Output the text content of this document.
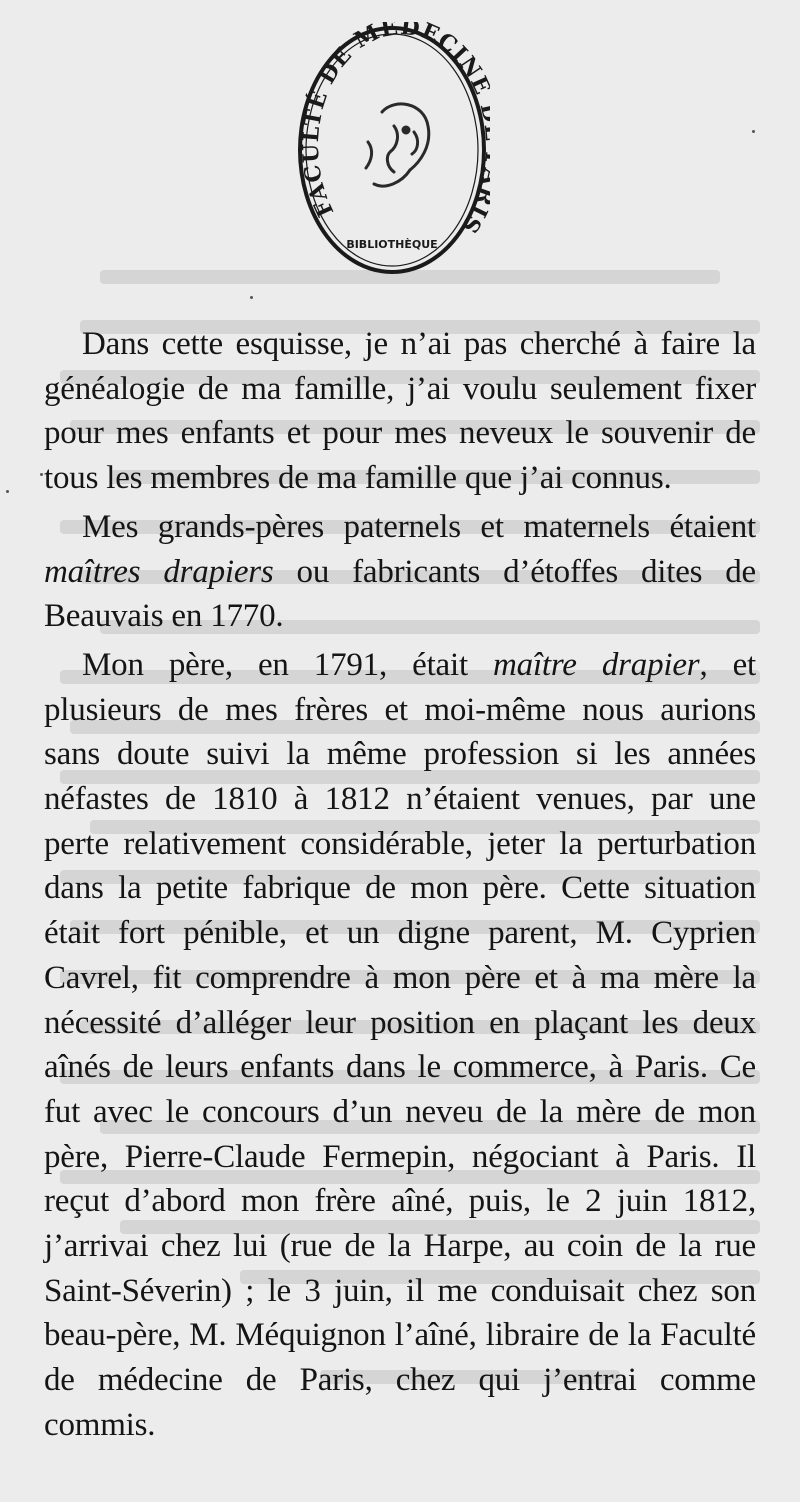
FACULTÉ DE MÉDECIN IS
BIBLIOTHÈQUE

Dans cette esquisse, je n’ai pas cherché à faire la généalogie de ma famille, j’ai voulu seulement fixer pour mes enfants et pour mes neveux le souvenir de tous les membres de ma famille que j’ai connus.

Mes grands-pères paternels et maternels étaient maîtres drapiers ou fabricants d’étoffes dites de Beauvais en 1770.

Mon père, en 1791, était maître drapier, et plusieurs de mes frères et moi-même nous aurions sans doute suivi la même profession si les années néfastes de 1810 à 1812 n’étaient venues, par une perte relativement considérable, jeter la perturbation dans la petite fabrique de mon père. Cette situation était fort pénible, et un digne parent, M. Cyprien Cavrel, fit comprendre à mon père et à ma mère la nécessité d’alléger leur position en plaçant les deux aînés de leurs enfants dans le commerce, à Paris. Ce fut avec le concours d’un neveu de la mère de mon père, Pierre-Claude Fermepin, négociant à Paris. Il reçut d’abord mon frère aîné, puis, le 2 juin 1812, j’arrivai chez lui (rue de la Harpe, au coin de la rue Saint-Séverin) ; le 3 juin, il me conduisait chez son beau-père, M. Méquignon l’aîné, libraire de la Faculté de médecine de Paris, chez qui j’entrai comme commis.
